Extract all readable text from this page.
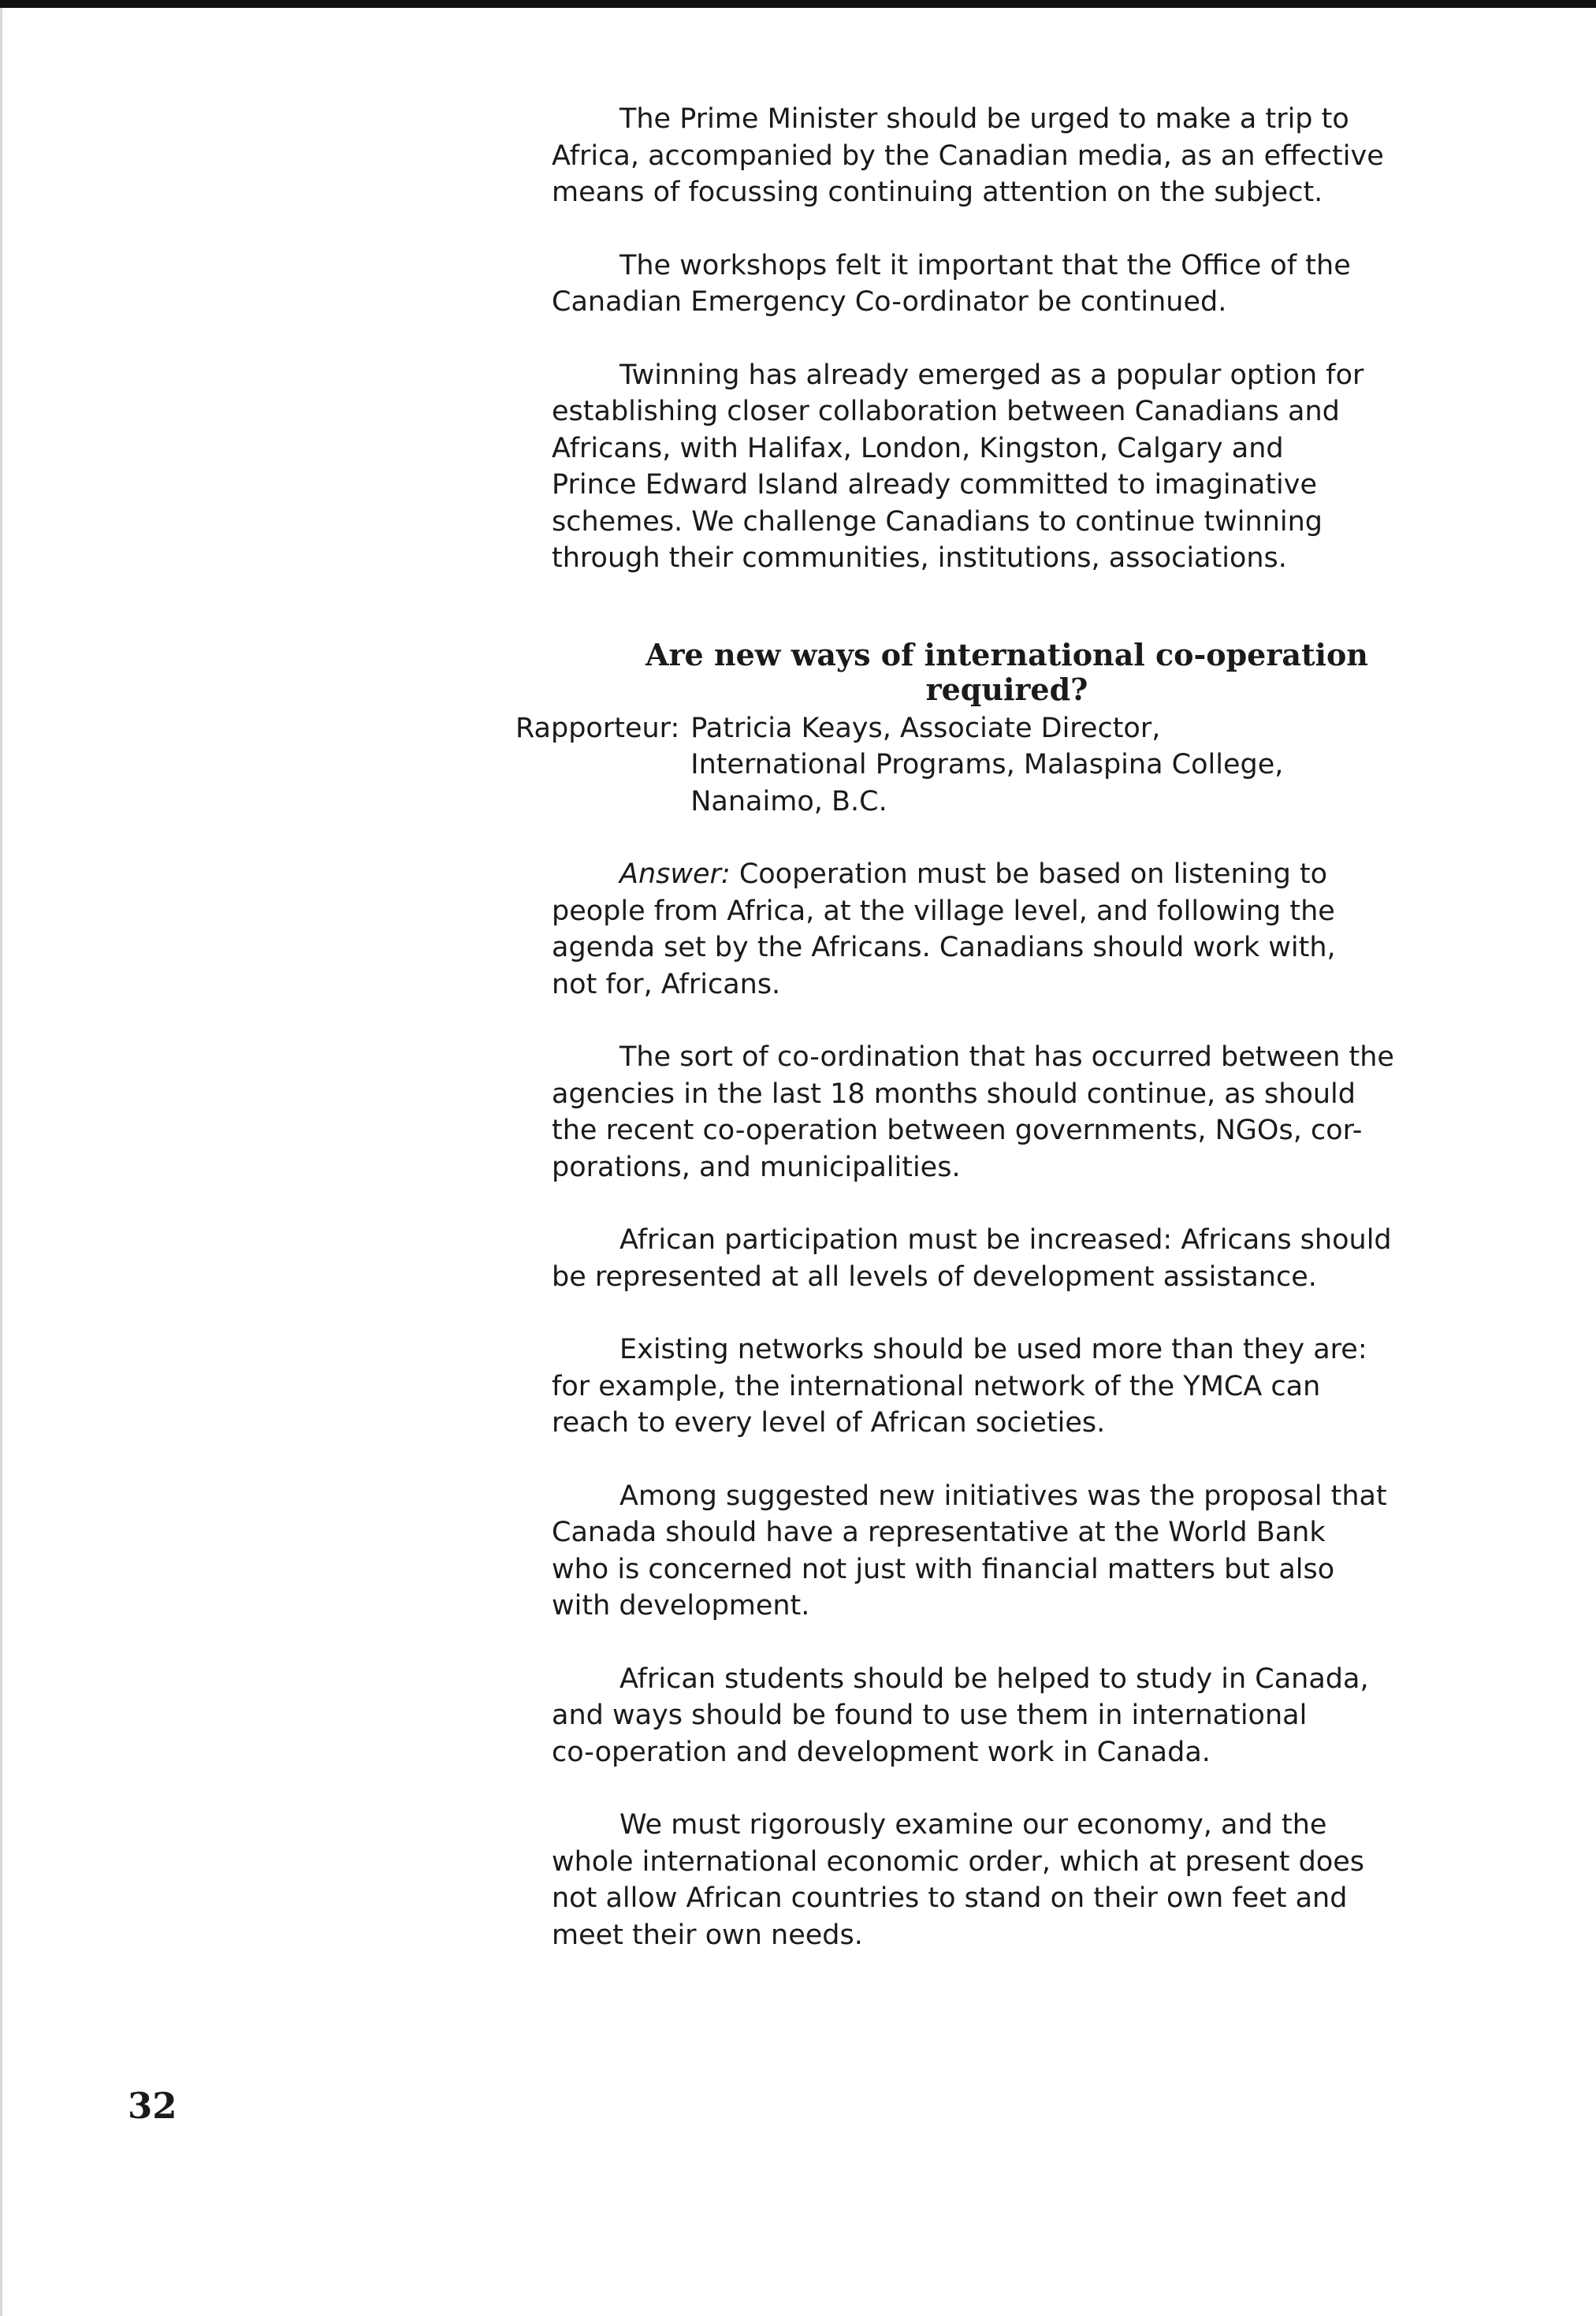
The Prime Minister should be urged to make a trip to
Africa, accompanied by the Canadian media, as an effective
means of focussing continuing attention on the subject.

The workshops felt it important that the Office of the
Canadian Emergency Co-ordinator be continued.

Twinning has already emerged as a popular option for
establishing closer collaboration between Canadians and
Africans, with Halifax, London, Kingston, Calgary and
Prince Edward Island already committed to imaginative
schemes. We challenge Canadians to continue twinning
through their communities, institutions, associations.

Are new ways of international co-operation
required?
Rapporteur: Patricia Keays, Associate Director,
International Programs, Malaspina College,
Nanaimo, B.C.

Answer: Cooperation must be based on listening to
people from Africa, at the village level, and following the
agenda set by the Africans. Canadians should work with,
not for, Africans.

The sort of co-ordination that has occurred between the
agencies in the last 18 months should continue, as should
the recent co-operation between governments, NGOs, cor-
porations, and municipalities.

African participation must be increased: Africans should
be represented at all levels of development assistance.

Existing networks should be used more than they are:
for example, the international network of the YMCA can
reach to every level of African societies.

Among suggested new initiatives was the proposal that
Canada should have a representative at the World Bank
who is concerned not just with financial matters but also
with development.

African students should be helped to study in Canada,
and ways should be found to use them in international
co-operation and development work in Canada.

We must rigorously examine our economy, and the
whole international economic order, which at present does
not allow African countries to stand on their own feet and
meet their own needs.

32
